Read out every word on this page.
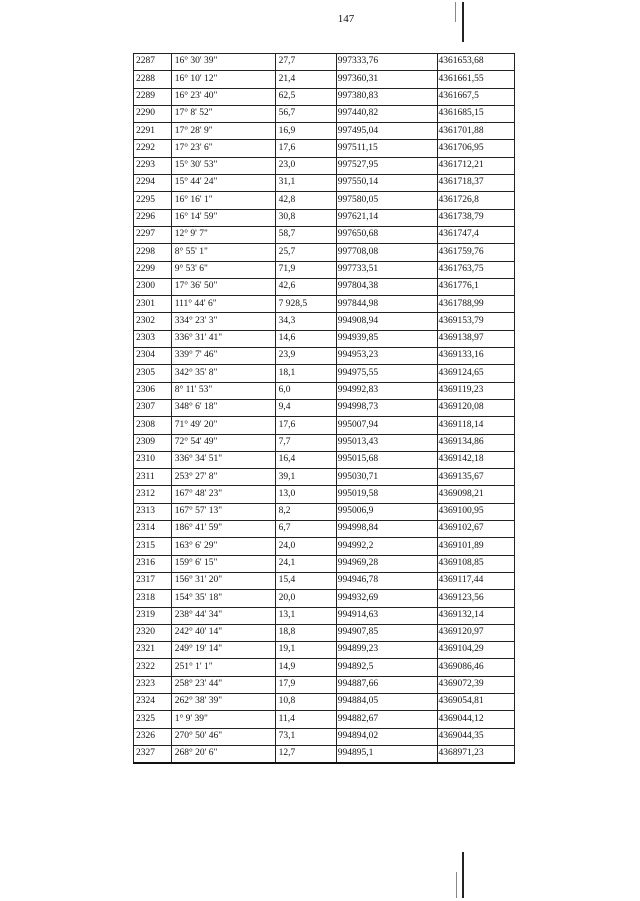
147
2287	16° 30' 39"	27,7	997333,76	4361653,68
2288	16° 10' 12"	21,4	997360,31	4361661,55
2289	16° 23' 40"	62,5	997380,83	4361667,5
2290	17° 8' 52"	56,7	997440,82	4361685,15
2291	17° 28' 9"	16,9	997495,04	4361701,88
2292	17° 23' 6"	17,6	997511,15	4361706,95
2293	15° 30' 53"	23,0	997527,95	4361712,21
2294	15° 44' 24"	31,1	997550,14	4361718,37
2295	16° 16' 1"	42,8	997580,05	4361726,8
2296	16° 14' 59"	30,8	997621,14	4361738,79
2297	12° 9' 7"	58,7	997650,68	4361747,4
2298	8° 55' 1"	25,7	997708,08	4361759,76
2299	9° 53' 6"	71,9	997733,51	4361763,75
2300	17° 36' 50"	42,6	997804,38	4361776,1
2301	111° 44' 6"	7 928,5	997844,98	4361788,99
2302	334° 23' 3"	34,3	994908,94	4369153,79
2303	336° 31' 41"	14,6	994939,85	4369138,97
2304	339° 7' 46"	23,9	994953,23	4369133,16
2305	342° 35' 8"	18,1	994975,55	4369124,65
2306	8° 11' 53"	6,0	994992,83	4369119,23
2307	348° 6' 18"	9,4	994998,73	4369120,08
2308	71° 49' 20"	17,6	995007,94	4369118,14
2309	72° 54' 49"	7,7	995013,43	4369134,86
2310	336° 34' 51"	16,4	995015,68	4369142,18
2311	253° 27' 8"	39,1	995030,71	4369135,67
2312	167° 48' 23"	13,0	995019,58	4369098,21
2313	167° 57' 13"	8,2	995006,9	4369100,95
2314	186° 41' 59"	6,7	994998,84	4369102,67
2315	163° 6' 29"	24,0	994992,2	4369101,89
2316	159° 6' 15"	24,1	994969,28	4369108,85
2317	156° 31' 20"	15,4	994946,78	4369117,44
2318	154° 35' 18"	20,0	994932,69	4369123,56
2319	238° 44' 34"	13,1	994914,63	4369132,14
2320	242° 40' 14"	18,8	994907,85	4369120,97
2321	249° 19' 14"	19,1	994899,23	4369104,29
2322	251° 1' 1"	14,9	994892,5	4369086,46
2323	258° 23' 44"	17,9	994887,66	4369072,39
2324	262° 38' 39"	10,8	994884,05	4369054,81
2325	1° 9' 39"	11,4	994882,67	4369044,12
2326	270° 50' 46"	73,1	994894,02	4369044,35
2327	268° 20' 6"	12,7	994895,1	4368971,23
